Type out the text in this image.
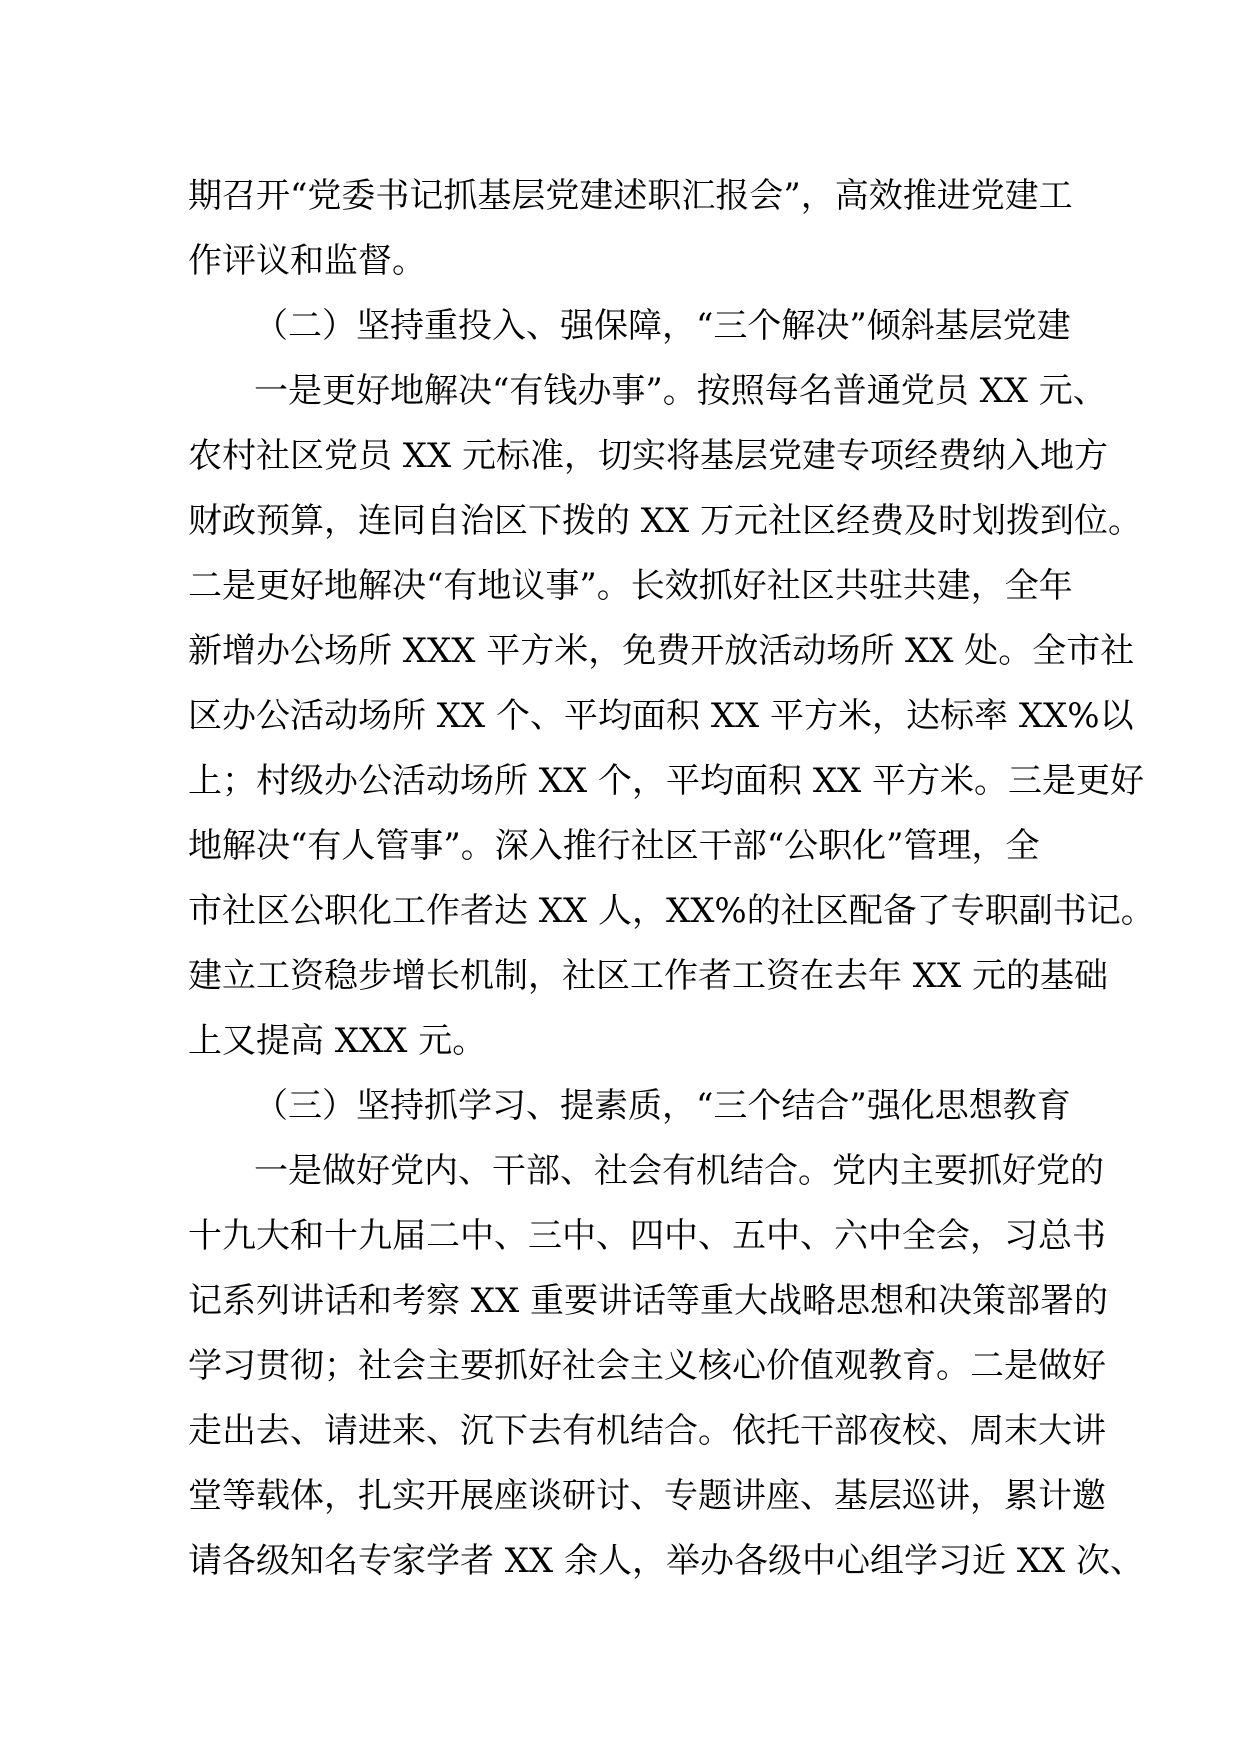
期召开“党委书记抓基层党建述职汇报会”，高效推进党建工
作评议和监督。
（二）坚持重投入、强保障，“三个解决”倾斜基层党建
一是更好地解决“有钱办事”。按照每名普通党员 XX 元、
农村社区党员 XX 元标准，切实将基层党建专项经费纳入地方
财政预算，连同自治区下拨的 XX 万元社区经费及时划拨到位。
二是更好地解决“有地议事”。长效抓好社区共驻共建，全年
新增办公场所 XXX 平方米，免费开放活动场所 XX 处。全市社
区办公活动场所 XX 个、平均面积 XX 平方米，达标率 XX%以
上；村级办公活动场所 XX 个，平均面积 XX 平方米。三是更好
地解决“有人管事”。深入推行社区干部“公职化”管理，全
市社区公职化工作者达 XX 人，XX%的社区配备了专职副书记。
建立工资稳步增长机制，社区工作者工资在去年 XX 元的基础
上又提高 XXX 元。
（三）坚持抓学习、提素质，“三个结合”强化思想教育
一是做好党内、干部、社会有机结合。党内主要抓好党的
十九大和十九届二中、三中、四中、五中、六中全会，习总书
记系列讲话和考察 XX 重要讲话等重大战略思想和决策部署的
学习贯彻；社会主要抓好社会主义核心价值观教育。二是做好
走出去、请进来、沉下去有机结合。依托干部夜校、周末大讲
堂等载体，扎实开展座谈研讨、专题讲座、基层巡讲，累计邀
请各级知名专家学者 XX 余人，举办各级中心组学习近 XX 次、
